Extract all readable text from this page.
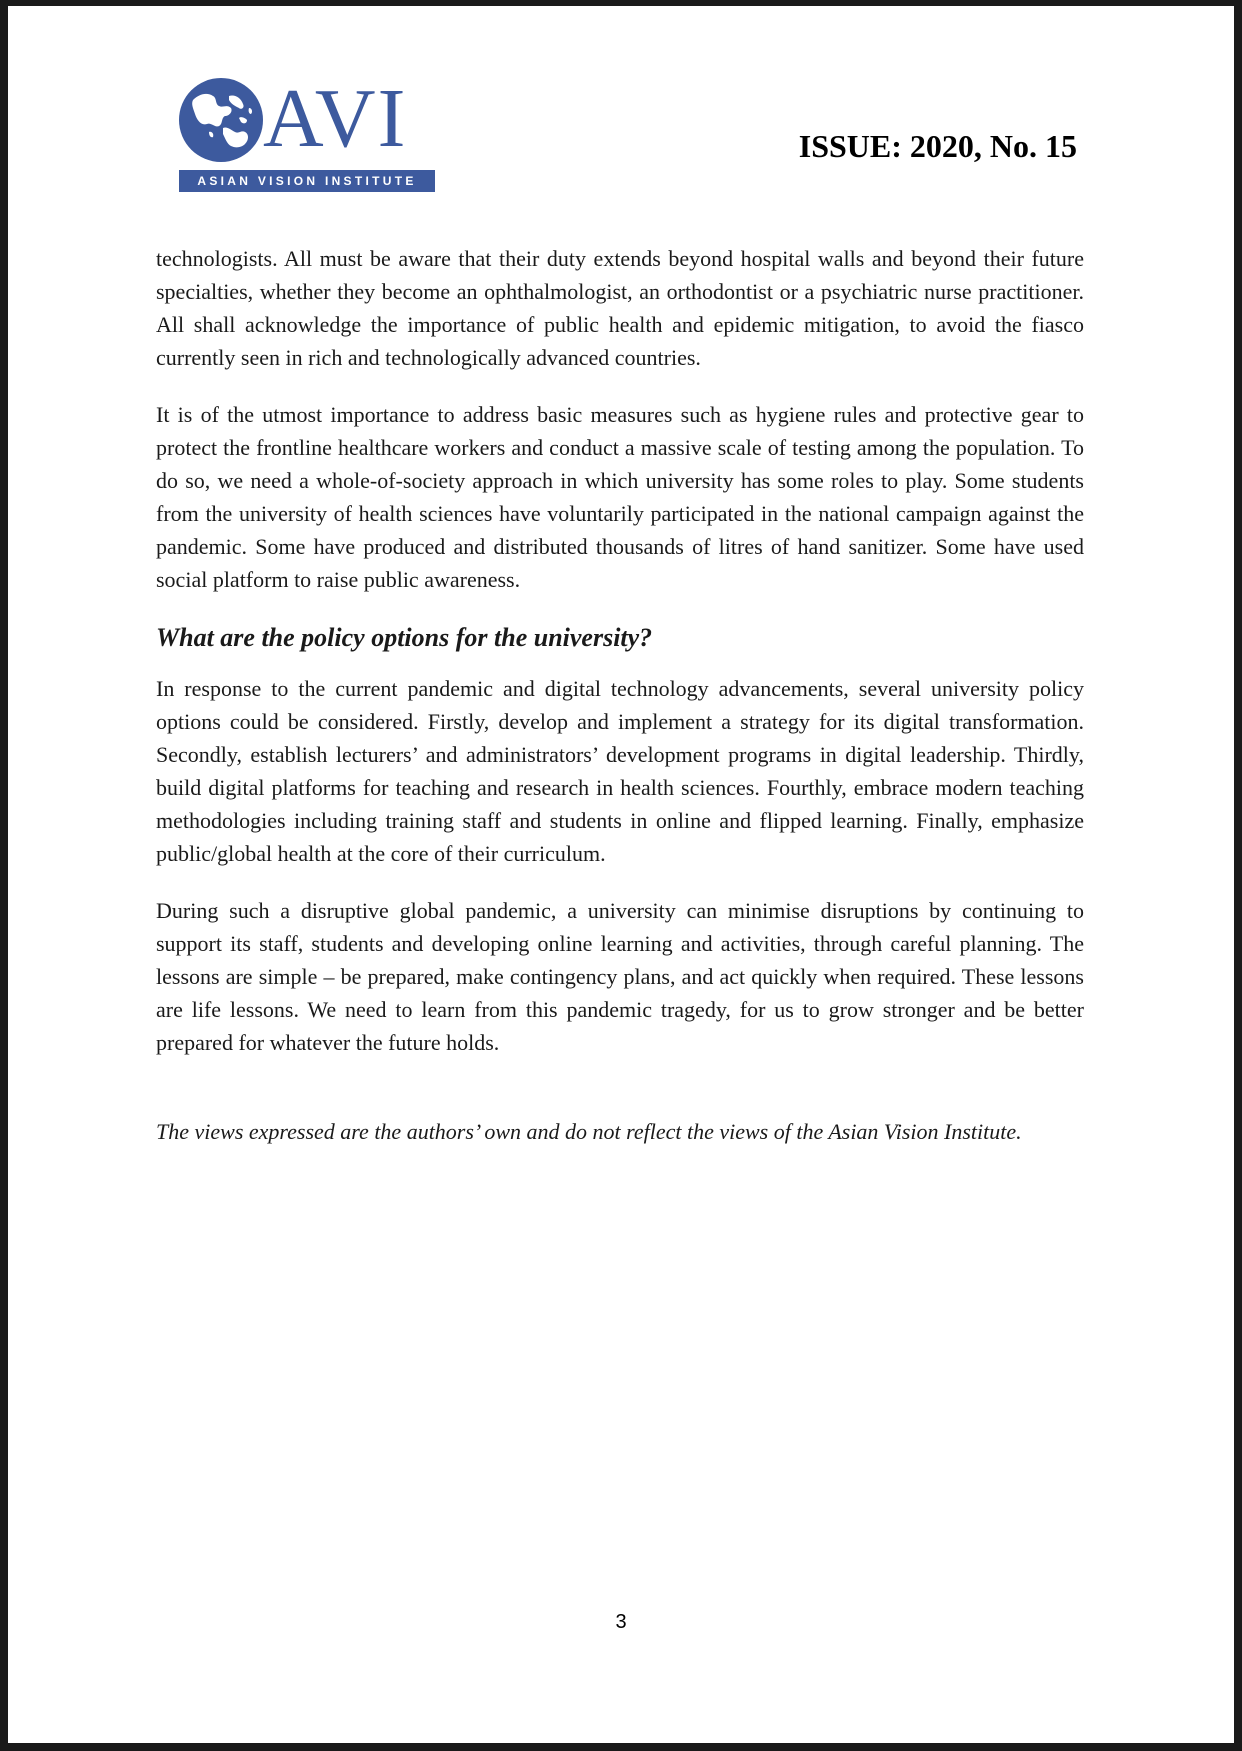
AVI
ASIAN VISION INSTITUTE
ISSUE: 2020, No. 15

technologists. All must be aware that their duty extends beyond hospital walls and beyond their future specialties, whether they become an ophthalmologist, an orthodontist or a psychiatric nurse practitioner. All shall acknowledge the importance of public health and epidemic mitigation, to avoid the fiasco currently seen in rich and technologically advanced countries.

It is of the utmost importance to address basic measures such as hygiene rules and protective gear to protect the frontline healthcare workers and conduct a massive scale of testing among the population. To do so, we need a whole-of-society approach in which university has some roles to play. Some students from the university of health sciences have voluntarily participated in the national campaign against the pandemic. Some have produced and distributed thousands of litres of hand sanitizer. Some have used social platform to raise public awareness.

What are the policy options for the university?

In response to the current pandemic and digital technology advancements, several university policy options could be considered. Firstly, develop and implement a strategy for its digital transformation. Secondly, establish lecturers’ and administrators’ development programs in digital leadership. Thirdly, build digital platforms for teaching and research in health sciences. Fourthly, embrace modern teaching methodologies including training staff and students in online and flipped learning. Finally, emphasize public/global health at the core of their curriculum.

During such a disruptive global pandemic, a university can minimise disruptions by continuing to support its staff, students and developing online learning and activities, through careful planning. The lessons are simple – be prepared, make contingency plans, and act quickly when required. These lessons are life lessons. We need to learn from this pandemic tragedy, for us to grow stronger and be better prepared for whatever the future holds.

The views expressed are the authors’ own and do not reflect the views of the Asian Vision Institute.

3
